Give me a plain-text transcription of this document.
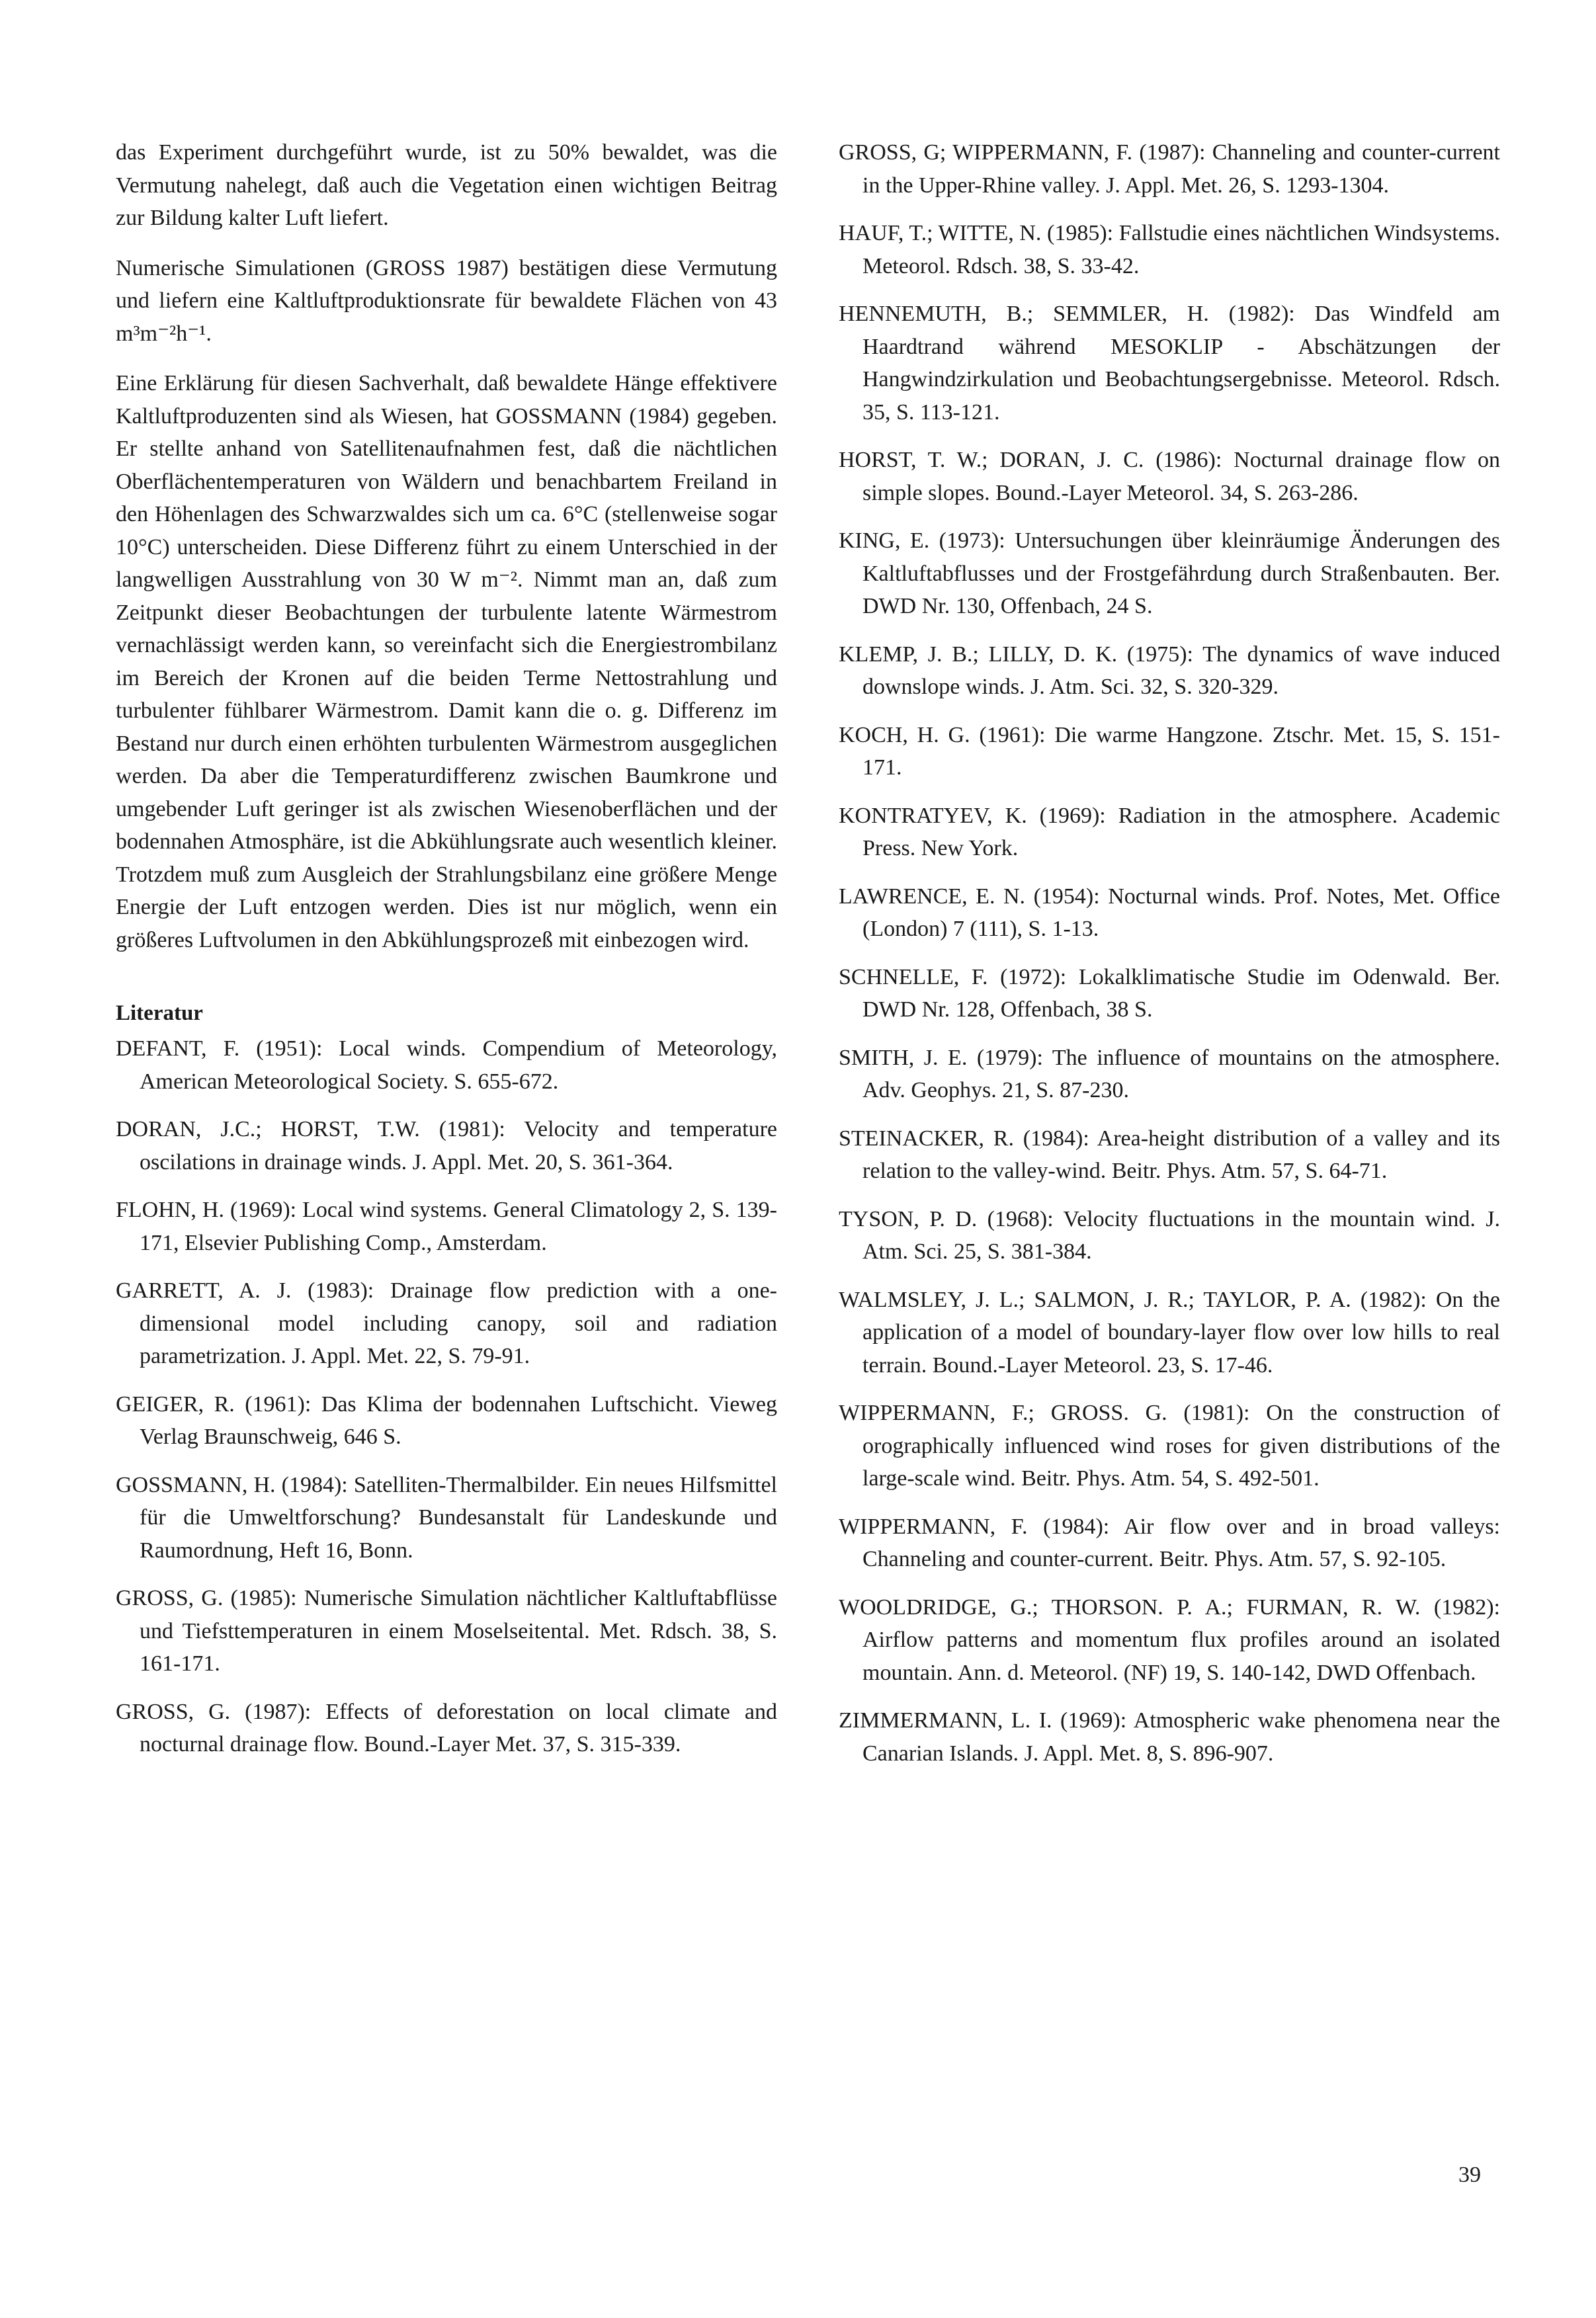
das Experiment durchgeführt wurde, ist zu 50% bewaldet, was die Vermutung nahelegt, daß auch die Vegetation einen wichtigen Beitrag zur Bildung kalter Luft liefert.

Numerische Simulationen (GROSS 1987) bestätigen diese Vermutung und liefern eine Kaltluftproduktionsrate für bewaldete Flächen von 43 m³m⁻²h⁻¹.

Eine Erklärung für diesen Sachverhalt, daß bewaldete Hänge effektivere Kaltluftproduzenten sind als Wiesen, hat GOSSMANN (1984) gegeben. Er stellte anhand von Satellitenaufnahmen fest, daß die nächtlichen Oberflächentemperaturen von Wäldern und benachbartem Freiland in den Höhenlagen des Schwarzwaldes sich um ca. 6°C (stellenweise sogar 10°C) unterscheiden. Diese Differenz führt zu einem Unterschied in der langwelligen Ausstrahlung von 30 W m⁻². Nimmt man an, daß zum Zeitpunkt dieser Beobachtungen der turbulente latente Wärmestrom vernachlässigt werden kann, so vereinfacht sich die Energiestrombilanz im Bereich der Kronen auf die beiden Terme Nettostrahlung und turbulenter fühlbarer Wärmestrom. Damit kann die o. g. Differenz im Bestand nur durch einen erhöhten turbulenten Wärmestrom ausgeglichen werden. Da aber die Temperaturdifferenz zwischen Baumkrone und umgebender Luft geringer ist als zwischen Wiesenoberflächen und der bodennahen Atmosphäre, ist die Abkühlungsrate auch wesentlich kleiner. Trotzdem muß zum Ausgleich der Strahlungsbilanz eine größere Menge Energie der Luft entzogen werden. Dies ist nur möglich, wenn ein größeres Luftvolumen in den Abkühlungsprozeß mit einbezogen wird.

Literatur

DEFANT, F. (1951): Local winds. Compendium of Meteorology, American Meteorological Society. S. 655-672.

DORAN, J.C.; HORST, T.W. (1981): Velocity and temperature oscilations in drainage winds. J. Appl. Met. 20, S. 361-364.

FLOHN, H. (1969): Local wind systems. General Climatology 2, S. 139-171, Elsevier Publishing Comp., Amsterdam.

GARRETT, A. J. (1983): Drainage flow prediction with a one-dimensional model including canopy, soil and radiation parametrization. J. Appl. Met. 22, S. 79-91.

GEIGER, R. (1961): Das Klima der bodennahen Luftschicht. Vieweg Verlag Braunschweig, 646 S.

GOSSMANN, H. (1984): Satelliten-Thermalbilder. Ein neues Hilfsmittel für die Umweltforschung? Bundesanstalt für Landeskunde und Raumordnung, Heft 16, Bonn.

GROSS, G. (1985): Numerische Simulation nächtlicher Kaltluftabflüsse und Tiefsttemperaturen in einem Moselseitental. Met. Rdsch. 38, S. 161-171.

GROSS, G. (1987): Effects of deforestation on local climate and nocturnal drainage flow. Bound.-Layer Met. 37, S. 315-339.

GROSS, G; WIPPERMANN, F. (1987): Channeling and counter-current in the Upper-Rhine valley. J. Appl. Met. 26, S. 1293-1304.

HAUF, T.; WITTE, N. (1985): Fallstudie eines nächtlichen Windsystems. Meteorol. Rdsch. 38, S. 33-42.

HENNEMUTH, B.; SEMMLER, H. (1982): Das Windfeld am Haardtrand während MESOKLIP - Abschätzungen der Hangwindzirkulation und Beobachtungsergebnisse. Meteorol. Rdsch. 35, S. 113-121.

HORST, T. W.; DORAN, J. C. (1986): Nocturnal drainage flow on simple slopes. Bound.-Layer Meteorol. 34, S. 263-286.

KING, E. (1973): Untersuchungen über kleinräumige Änderungen des Kaltluftabflusses und der Frostgefährdung durch Straßenbauten. Ber. DWD Nr. 130, Offenbach, 24 S.

KLEMP, J. B.; LILLY, D. K. (1975): The dynamics of wave induced downslope winds. J. Atm. Sci. 32, S. 320-329.

KOCH, H. G. (1961): Die warme Hangzone. Ztschr. Met. 15, S. 151-171.

KONTRATYEV, K. (1969): Radiation in the atmosphere. Academic Press. New York.

LAWRENCE, E. N. (1954): Nocturnal winds. Prof. Notes, Met. Office (London) 7 (111), S. 1-13.

SCHNELLE, F. (1972): Lokalklimatische Studie im Odenwald. Ber. DWD Nr. 128, Offenbach, 38 S.

SMITH, J. E. (1979): The influence of mountains on the atmosphere. Adv. Geophys. 21, S. 87-230.

STEINACKER, R. (1984): Area-height distribution of a valley and its relation to the valley-wind. Beitr. Phys. Atm. 57, S. 64-71.

TYSON, P. D. (1968): Velocity fluctuations in the mountain wind. J. Atm. Sci. 25, S. 381-384.

WALMSLEY, J. L.; SALMON, J. R.; TAYLOR, P. A. (1982): On the application of a model of boundary-layer flow over low hills to real terrain. Bound.-Layer Meteorol. 23, S. 17-46.

WIPPERMANN, F.; GROSS. G. (1981): On the construction of orographically influenced wind roses for given distributions of the large-scale wind. Beitr. Phys. Atm. 54, S. 492-501.

WIPPERMANN, F. (1984): Air flow over and in broad valleys: Channeling and counter-current. Beitr. Phys. Atm. 57, S. 92-105.

WOOLDRIDGE, G.; THORSON. P. A.; FURMAN, R. W. (1982): Airflow patterns and momentum flux profiles around an isolated mountain. Ann. d. Meteorol. (NF) 19, S. 140-142, DWD Offenbach.

ZIMMERMANN, L. I. (1969): Atmospheric wake phenomena near the Canarian Islands. J. Appl. Met. 8, S. 896-907.

39
